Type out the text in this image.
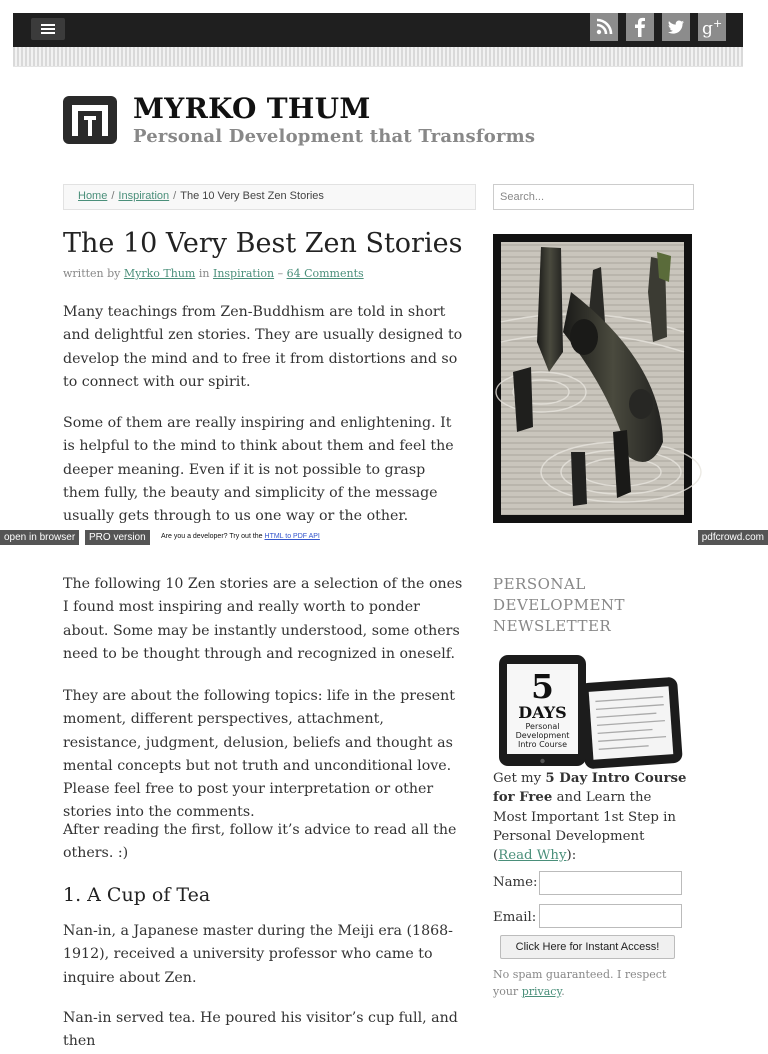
g +
MYRKO THUM
Personal Development that Transforms
Home / Inspiration / The 10 Very Best Zen Stories
Search...
The 10 Very Best Zen Stories
written by Myrko Thum in Inspiration – 64 Comments

Many teachings from Zen-Buddhism are told in short and delightful zen stories. They are usually designed to develop the mind and to free it from distortions and so to connect with our spirit.

Some of them are really inspiring and enlightening. It is helpful to the mind to think about them and feel the deeper meaning. Even if it is not possible to grasp them fully, the beauty and simplicity of the message usually gets through to us one way or the other.

The following 10 Zen stories are a selection of the ones I found most inspiring and really worth to ponder about. Some may be instantly understood, some others need to be thought through and recognized in oneself.

They are about the following topics: life in the present moment, different perspectives, attachment, resistance, judgment, delusion, beliefs and thought as mental concepts but not truth and unconditional love. Please feel free to post your interpretation or other stories into the comments.

After reading the first, follow it’s advice to read all the others. :)

1. A Cup of Tea

Nan-in, a Japanese master during the Meiji era (1868-1912), received a university professor who came to inquire about Zen.

Nan-in served tea. He poured his visitor’s cup full, and then

open in browser	PRO version	Are you a developer? Try out the HTML to PDF API	pdfcrowd.com
PERSONAL DEVELOPMENT NEWSLETTER
5
DAYS
Personal
Development
Intro Course
Get my 5 Day Intro Course for Free and Learn the Most Important 1st Step in Personal Development (Read Why):
Name:
Email:
Click Here for Instant Access!
No spam guaranteed. I respect your privacy.
